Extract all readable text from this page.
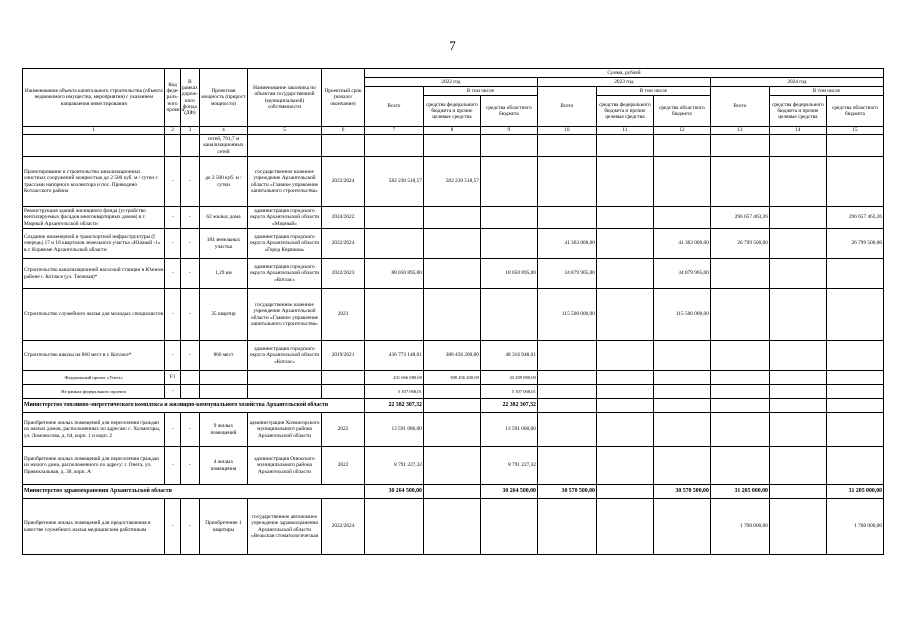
7
Наименование объекта капитального строительства (объекта недвижимого имущества, мероприятия) с указанием направления инвестирования	Код феде-раль-ного проекта	В рамках дорож-ного фонда (ДФ)	Проектная мощность (прирост мощности)	Наименование заказчика по объектам государственной (муниципальной) собственности	Проектный срок (начало/ окончание)	Сумма, рублей								
						2022 год			2023 год			2024 год		
						Всего	В том числе		Всего	В том числе		Всего	В том числе	
							средства федерального бюджета и прочие целевые средства	средства областного бюджета		средства федерального бюджета и прочие целевые средства	средства областного бюджета		средства федерального бюджета и прочие целевые средства	средства областного бюджета
1	2	3	4	5	6	7	8	9	10	11	12	13	14	15
			сетей, 791,7 м канализационных сетей											
Проектирование и строительство канализационных очистных сооружений мощностью до 2 500 куб. м / сутки с трассами напорного коллектора и пос. Приводино Котласского района	-	-	до 2 500 куб. м / сутки	государственное казенное учреждение Архангельской области «Главное управление капитального строительства»	2022/2024	582 230 518,57	582 230 518,57							
Реконструкция зданий жилищного фонда (устройство вентилируемых фасадов многоквартирных домов) в г. Мирный Архангельской области	-	-	62 жилых дома	администрация городского округа Архангельской области «Мирный»	2024/2022							296 657 463,26		296 657 463,26
Создание инженерной и транспортной инфраструктуры (I очередь) 17 и 18 кварталов земельного участка «Южный -1» в г. Коряжме Архангельской области	-	-	184 земельных участка	администрация городского округа Архангельской области «Город Коряжма»	2022/2024				41 363 000,00		41 363 000,00	26 799 500,00		26 799 500,00
Строительство канализационной насосной станции в Южном районе г. Котласе (ул. Таежная)*	-	-	1,29 км	администрация городского округа Архангельской области «Котлас»	2022/2023	88 050 895,00		18 050 895,00	34 879 905,00		34 879 905,00			
Строительство служебного жилья для молодых специалистов	-	-	35 квартир	государственное казенное учреждение Архангельской области «Главное управление капитального строительства»	2023				115 500 000,00		115 500 000,00			
Строительство школы на 860 мест в г. Котласе*	-	-	860 мест	администрация городского округа Архангельской области «Котлас»	2019/2021	436 773 148,01	388 456 200,00	48 316 948,01						
Федеральный проект «Успех»	F1					431 666 080,00	388 456 200,00	43 209 880,00						
Не рамках федерального проекта	-					5 107 068,01		5 107 068,01						
Министерство топливно-энергетического комплекса и жилищно-коммунального хозяйства Архангельской области						22 382 307,32		22 382 307,32						
Приобретение жилых помещений для переселения граждан из жилых домов, расположенных по адресам: с. Холмогоры, ул. Ломоносова, д. 64, корп. 1 и корп. 2	-	-	9 жилых помещений	администрация Холмогорского муниципального района Архангельской области	2022	13 591 080,00		13 591 080,00						
Приобретение жилых помещений для переселения граждан из жилого дома, расположенного по адресу: г. Онега, ул. Привокзальная, д. 30, корп. А	-	-	4 жилых помещения	администрация Онежского муниципального района Архангельской области	2022	8 791 227,32		8 791 227,32						
Министерство здравоохранения Архангельской области						30 264 500,00		30 264 500,00	30 570 500,00		30 570 500,00	31 205 000,00		31 205 000,00
Приобретение жилых помещений для предоставления в качестве служебного жилья медицинским работникам	-	-	Приобретение 1 квартиры	государственное автономное учреждение здравоохранения Архангельской области «Вельская стоматологическая	2022/2024							1 700 000,00		1 700 000,00
